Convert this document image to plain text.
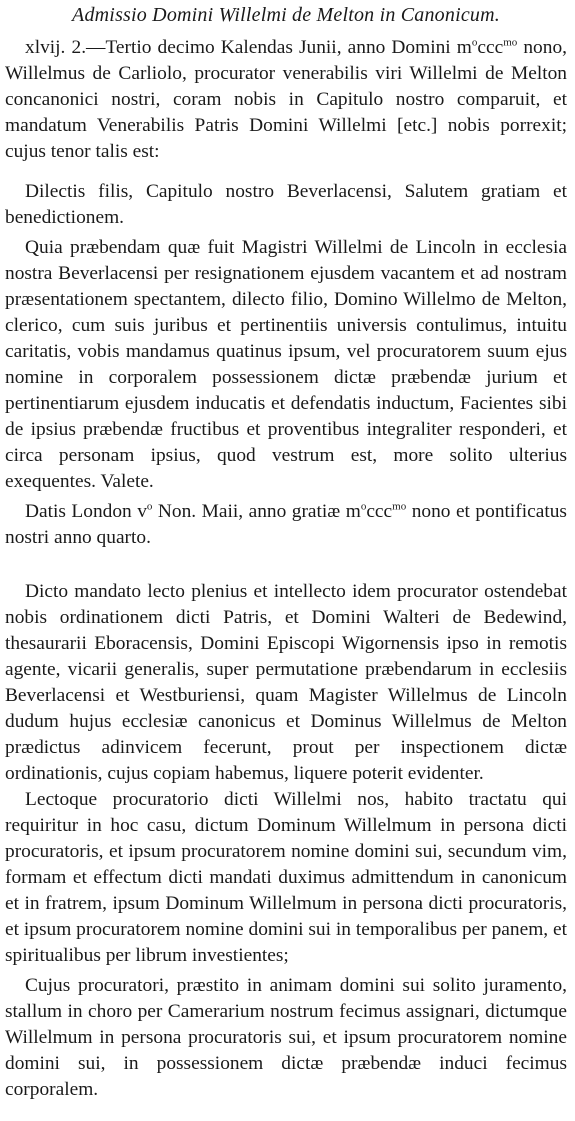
Admissio Domini Willelmi de Melton in Canonicum.

xlvij. 2.—Tertio decimo Kalendas Junii, anno Domini $m^occc^{mo}$ nono, Willelmus de Carliolo, procurator venerabilis viri Willelmi de Melton concanonici nostri, coram nobis in Capitulo nostro comparuit, et mandatum Venerabilis Patris Domini Willelmi [etc.] nobis porrexit; cujus tenor talis est:

Dilectis filis, Capitulo nostro Beverlacensi, Salutem gratiam et benedictionem.

Quia præbendam quæ fuit Magistri Willelmi de Lincoln in ecclesia nostra Beverlacensi per resignationem ejusdem vacantem et ad nostram præsentationem spectantem, dilecto filio, Domino Willelmo de Melton, clerico, cum suis juribus et pertinentiis universis contulimus, intuitu caritatis, vobis mandamus quatinus ipsum, vel procuratorem suum ejus nomine in corporalem possessionem dictæ præbendæ jurium et pertinentiarum ejusdem inducatis et defendatis inductum, Facientes sibi de ipsius præbendæ fructibus et proventibus integraliter responderi, et circa personam ipsius, quod vestrum est, more solito ulterius exequentes. Valete.

Datis London $v^o$ Non. Maii, anno gratiæ $m^occc^{mo}$ nono et pontificatus nostri anno quarto.

Dicto mandato lecto plenius et intellecto idem procurator ostendebat nobis ordinationem dicti Patris, et Domini Walteri de Bedewind, thesaurarii Eboracensis, Domini Episcopi Wigornensis ipso in remotis agente, vicarii generalis, super permutatione præbendarum in ecclesiis Beverlacensi et Westburiensi, quam Magister Willelmus de Lincoln dudum hujus ecclesiæ canonicus et Dominus Willelmus de Melton prædictus adinvicem fecerunt, prout per inspectionem dictæ ordinationis, cujus copiam habemus, liquere poterit evidenter.

Lectoque procuratorio dicti Willelmi nos, habito tractatu qui requiritur in hoc casu, dictum Dominum Willelmum in persona dicti procuratoris, et ipsum procuratorem nomine domini sui, secundum vim, formam et effectum dicti mandati duximus admittendum in canonicum et in fratrem, ipsum Dominum Willelmum in persona dicti procuratoris, et ipsum procuratorem nomine domini sui in temporalibus per panem, et spiritualibus per librum investientes;

Cujus procuratori, præstito in animam domini sui solito juramento, stallum in choro per Camerarium nostrum fecimus assignari, dictumque Willelmum in persona procuratoris sui, et ipsum procuratorem nomine domini sui, in possessionem dictæ præbendæ induci fecimus corporalem.
